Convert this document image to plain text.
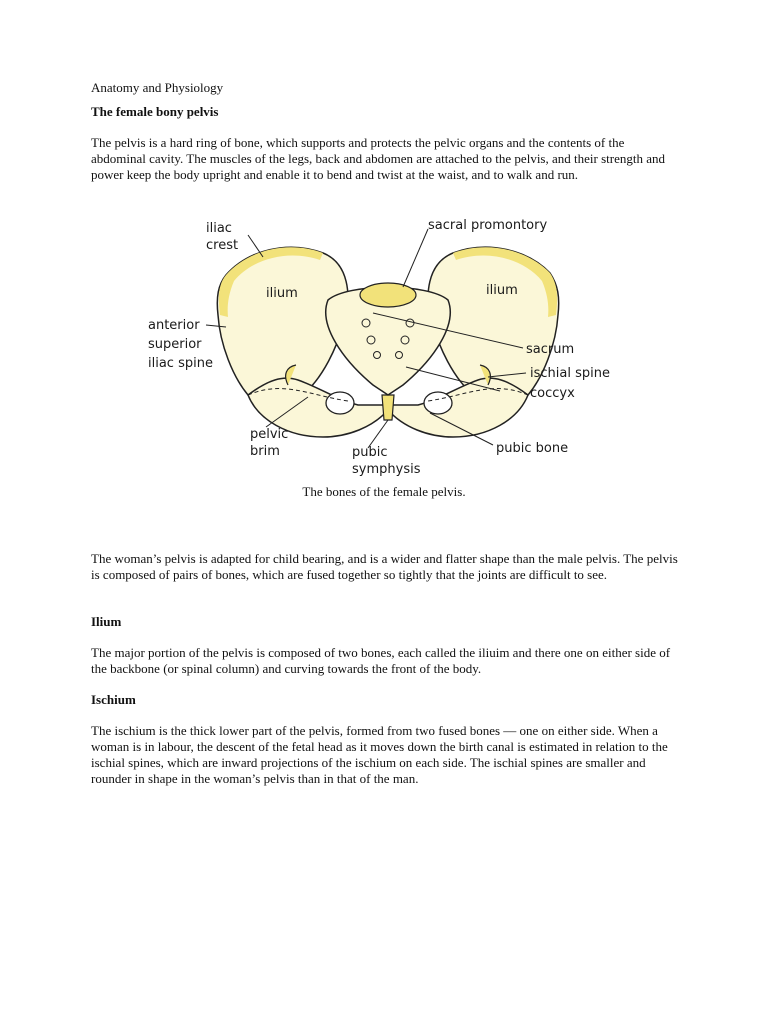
Anatomy and Physiology

The female bony pelvis

The pelvis is a hard ring of bone, which supports and protects the pelvic organs and the contents of the abdominal cavity. The muscles of the legs, back and abdomen are attached to the pelvis, and their strength and power keep the body upright and enable it to bend and twist at the waist, and to walk and run.

iliac
crest
sacral promontory
ilium	ilium
anterior
superior
iliac spine
sacrum
ischial spine
coccyx
pelvic
brim	pubic
symphysis
pubic bone
The bones of the female pelvis.

The woman’s pelvis is adapted for child bearing, and is a wider and flatter shape than the male pelvis. The pelvis is composed of pairs of bones, which are fused together so tightly that the joints are difficult to see.

Ilium

The major portion of the pelvis is composed of two bones, each called the iliuim and there one on either side of the backbone (or spinal column) and curving towards the front of the body.

Ischium

The ischium is the thick lower part of the pelvis, formed from two fused bones — one on either side. When a woman is in labour, the descent of the fetal head as it moves down the birth canal is estimated in relation to the ischial spines, which are inward projections of the ischium on each side. The ischial spines are smaller and rounder in shape in the woman’s pelvis than in that of the man.
